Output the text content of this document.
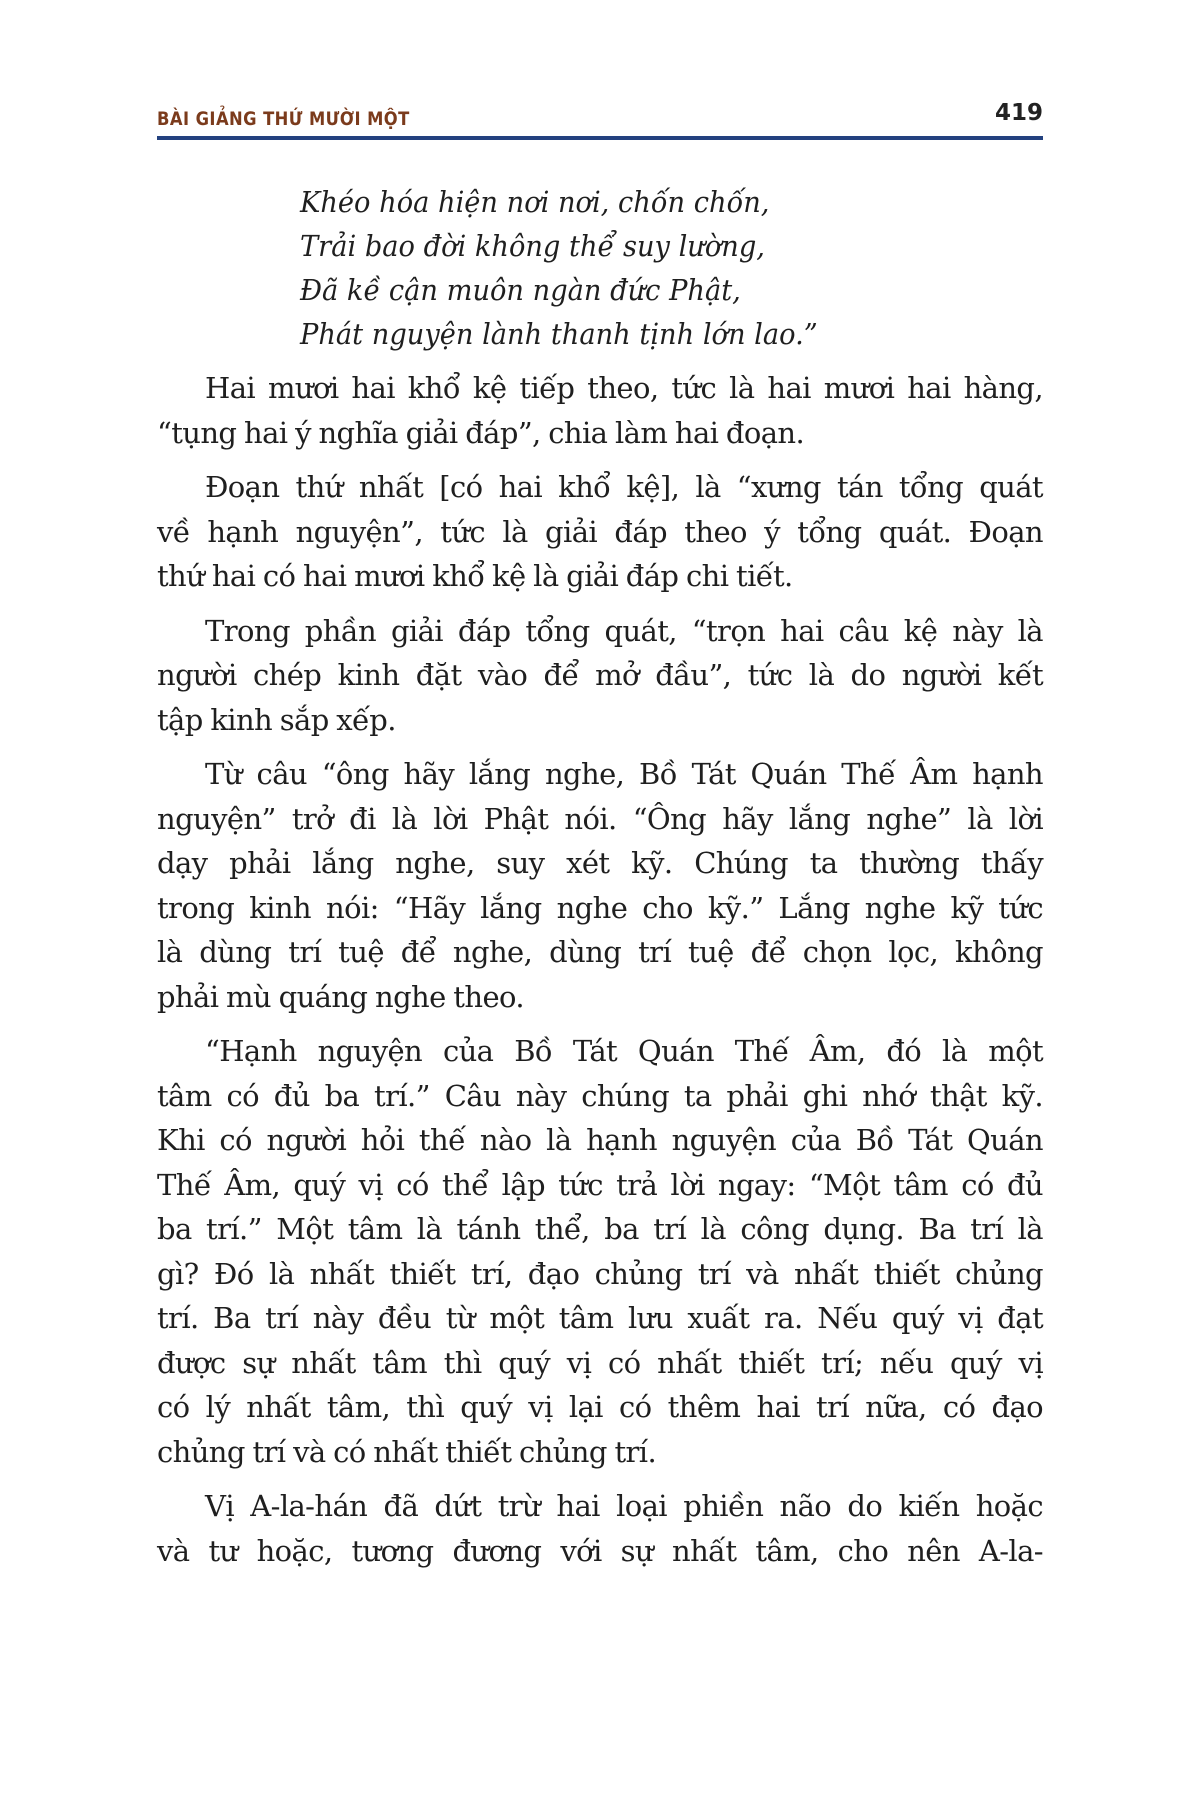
BÀI GIẢNG THỨ MƯỜI MỘT	419
Khéo hóa hiện nơi nơi, chốn chốn,
Trải bao đời không thể suy lường,
Đã kề cận muôn ngàn đức Phật,
Phát nguyện lành thanh tịnh lớn lao.”
Hai mươi hai khổ kệ tiếp theo, tức là hai mươi hai hàng,
“tụng hai ý nghĩa giải đáp”, chia làm hai đoạn.
Đoạn thứ nhất [có hai khổ kệ], là “xưng tán tổng quát
về hạnh nguyện”, tức là giải đáp theo ý tổng quát. Đoạn
thứ hai có hai mươi khổ kệ là giải đáp chi tiết.
Trong phần giải đáp tổng quát, “trọn hai câu kệ này là
người chép kinh đặt vào để mở đầu”, tức là do người kết
tập kinh sắp xếp.
Từ câu “ông hãy lắng nghe, Bồ Tát Quán Thế Âm hạnh
nguyện” trở đi là lời Phật nói. “Ông hãy lắng nghe” là lời
dạy phải lắng nghe, suy xét kỹ. Chúng ta thường thấy
trong kinh nói: “Hãy lắng nghe cho kỹ.” Lắng nghe kỹ tức
là dùng trí tuệ để nghe, dùng trí tuệ để chọn lọc, không
phải mù quáng nghe theo.
“Hạnh nguyện của Bồ Tát Quán Thế Âm, đó là một
tâm có đủ ba trí.” Câu này chúng ta phải ghi nhớ thật kỹ.
Khi có người hỏi thế nào là hạnh nguyện của Bồ Tát Quán
Thế Âm, quý vị có thể lập tức trả lời ngay: “Một tâm có đủ
ba trí.” Một tâm là tánh thể, ba trí là công dụng. Ba trí là
gì? Đó là nhất thiết trí, đạo chủng trí và nhất thiết chủng
trí. Ba trí này đều từ một tâm lưu xuất ra. Nếu quý vị đạt
được sự nhất tâm thì quý vị có nhất thiết trí; nếu quý vị
có lý nhất tâm, thì quý vị lại có thêm hai trí nữa, có đạo
chủng trí và có nhất thiết chủng trí.
Vị A-la-hán đã dứt trừ hai loại phiền não do kiến hoặc
và tư hoặc, tương đương với sự nhất tâm, cho nên A-la-
